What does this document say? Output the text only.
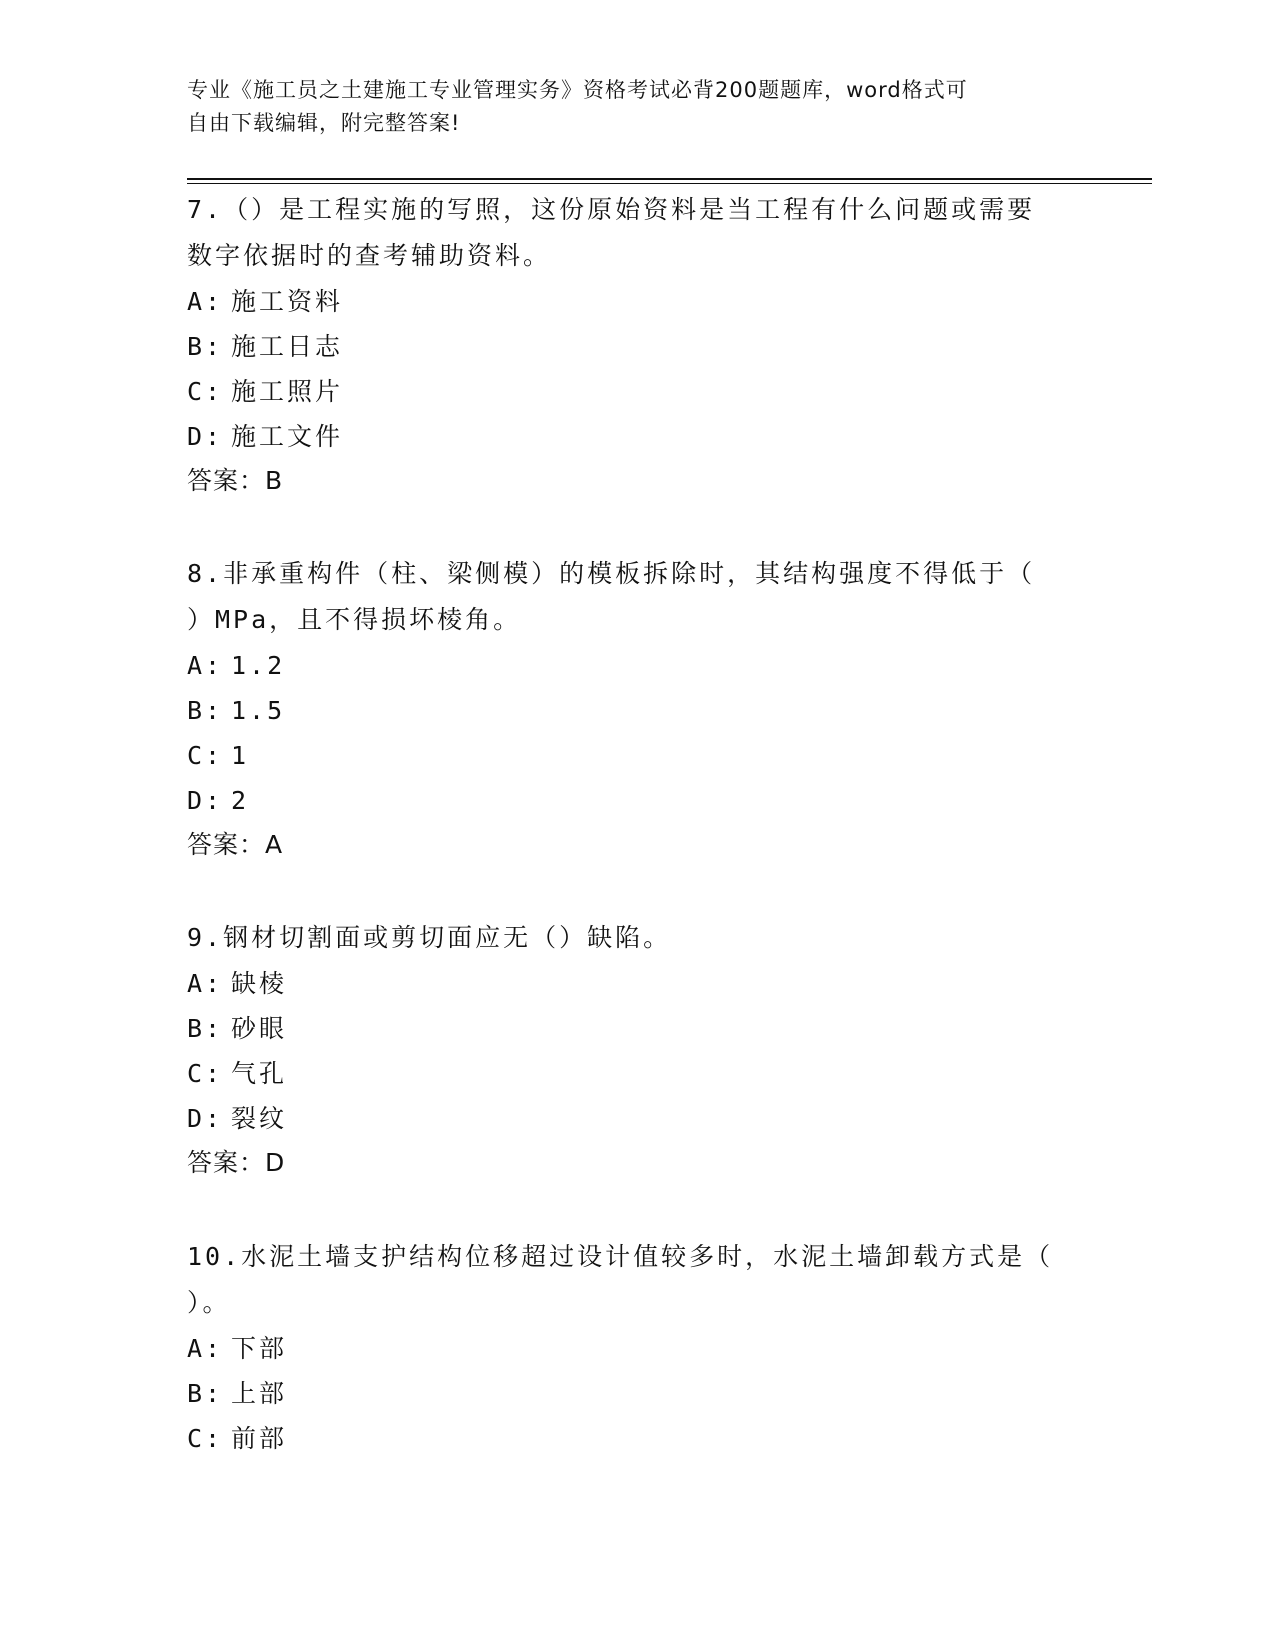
专业《施工员之土建施工专业管理实务》资格考试必背200题题库，word格式可
自由下载编辑，附完整答案!

7.（）是工程实施的写照，这份原始资料是当工程有什么问题或需要

数字依据时的查考辅助资料。

A: 施工资料

B: 施工日志

C: 施工照片

D: 施工文件

答案：B

8.非承重构件（柱、梁侧模）的模板拆除时，其结构强度不得低于（

）MPa，且不得损坏棱角。

A: 1.2

B: 1.5

C: 1

D: 2

答案：A

9.钢材切割面或剪切面应无（）缺陷。

A: 缺棱

B: 砂眼

C: 气孔

D: 裂纹

答案：D

10.水泥土墙支护结构位移超过设计值较多时，水泥土墙卸载方式是（

）。

A: 下部

B: 上部

C: 前部
